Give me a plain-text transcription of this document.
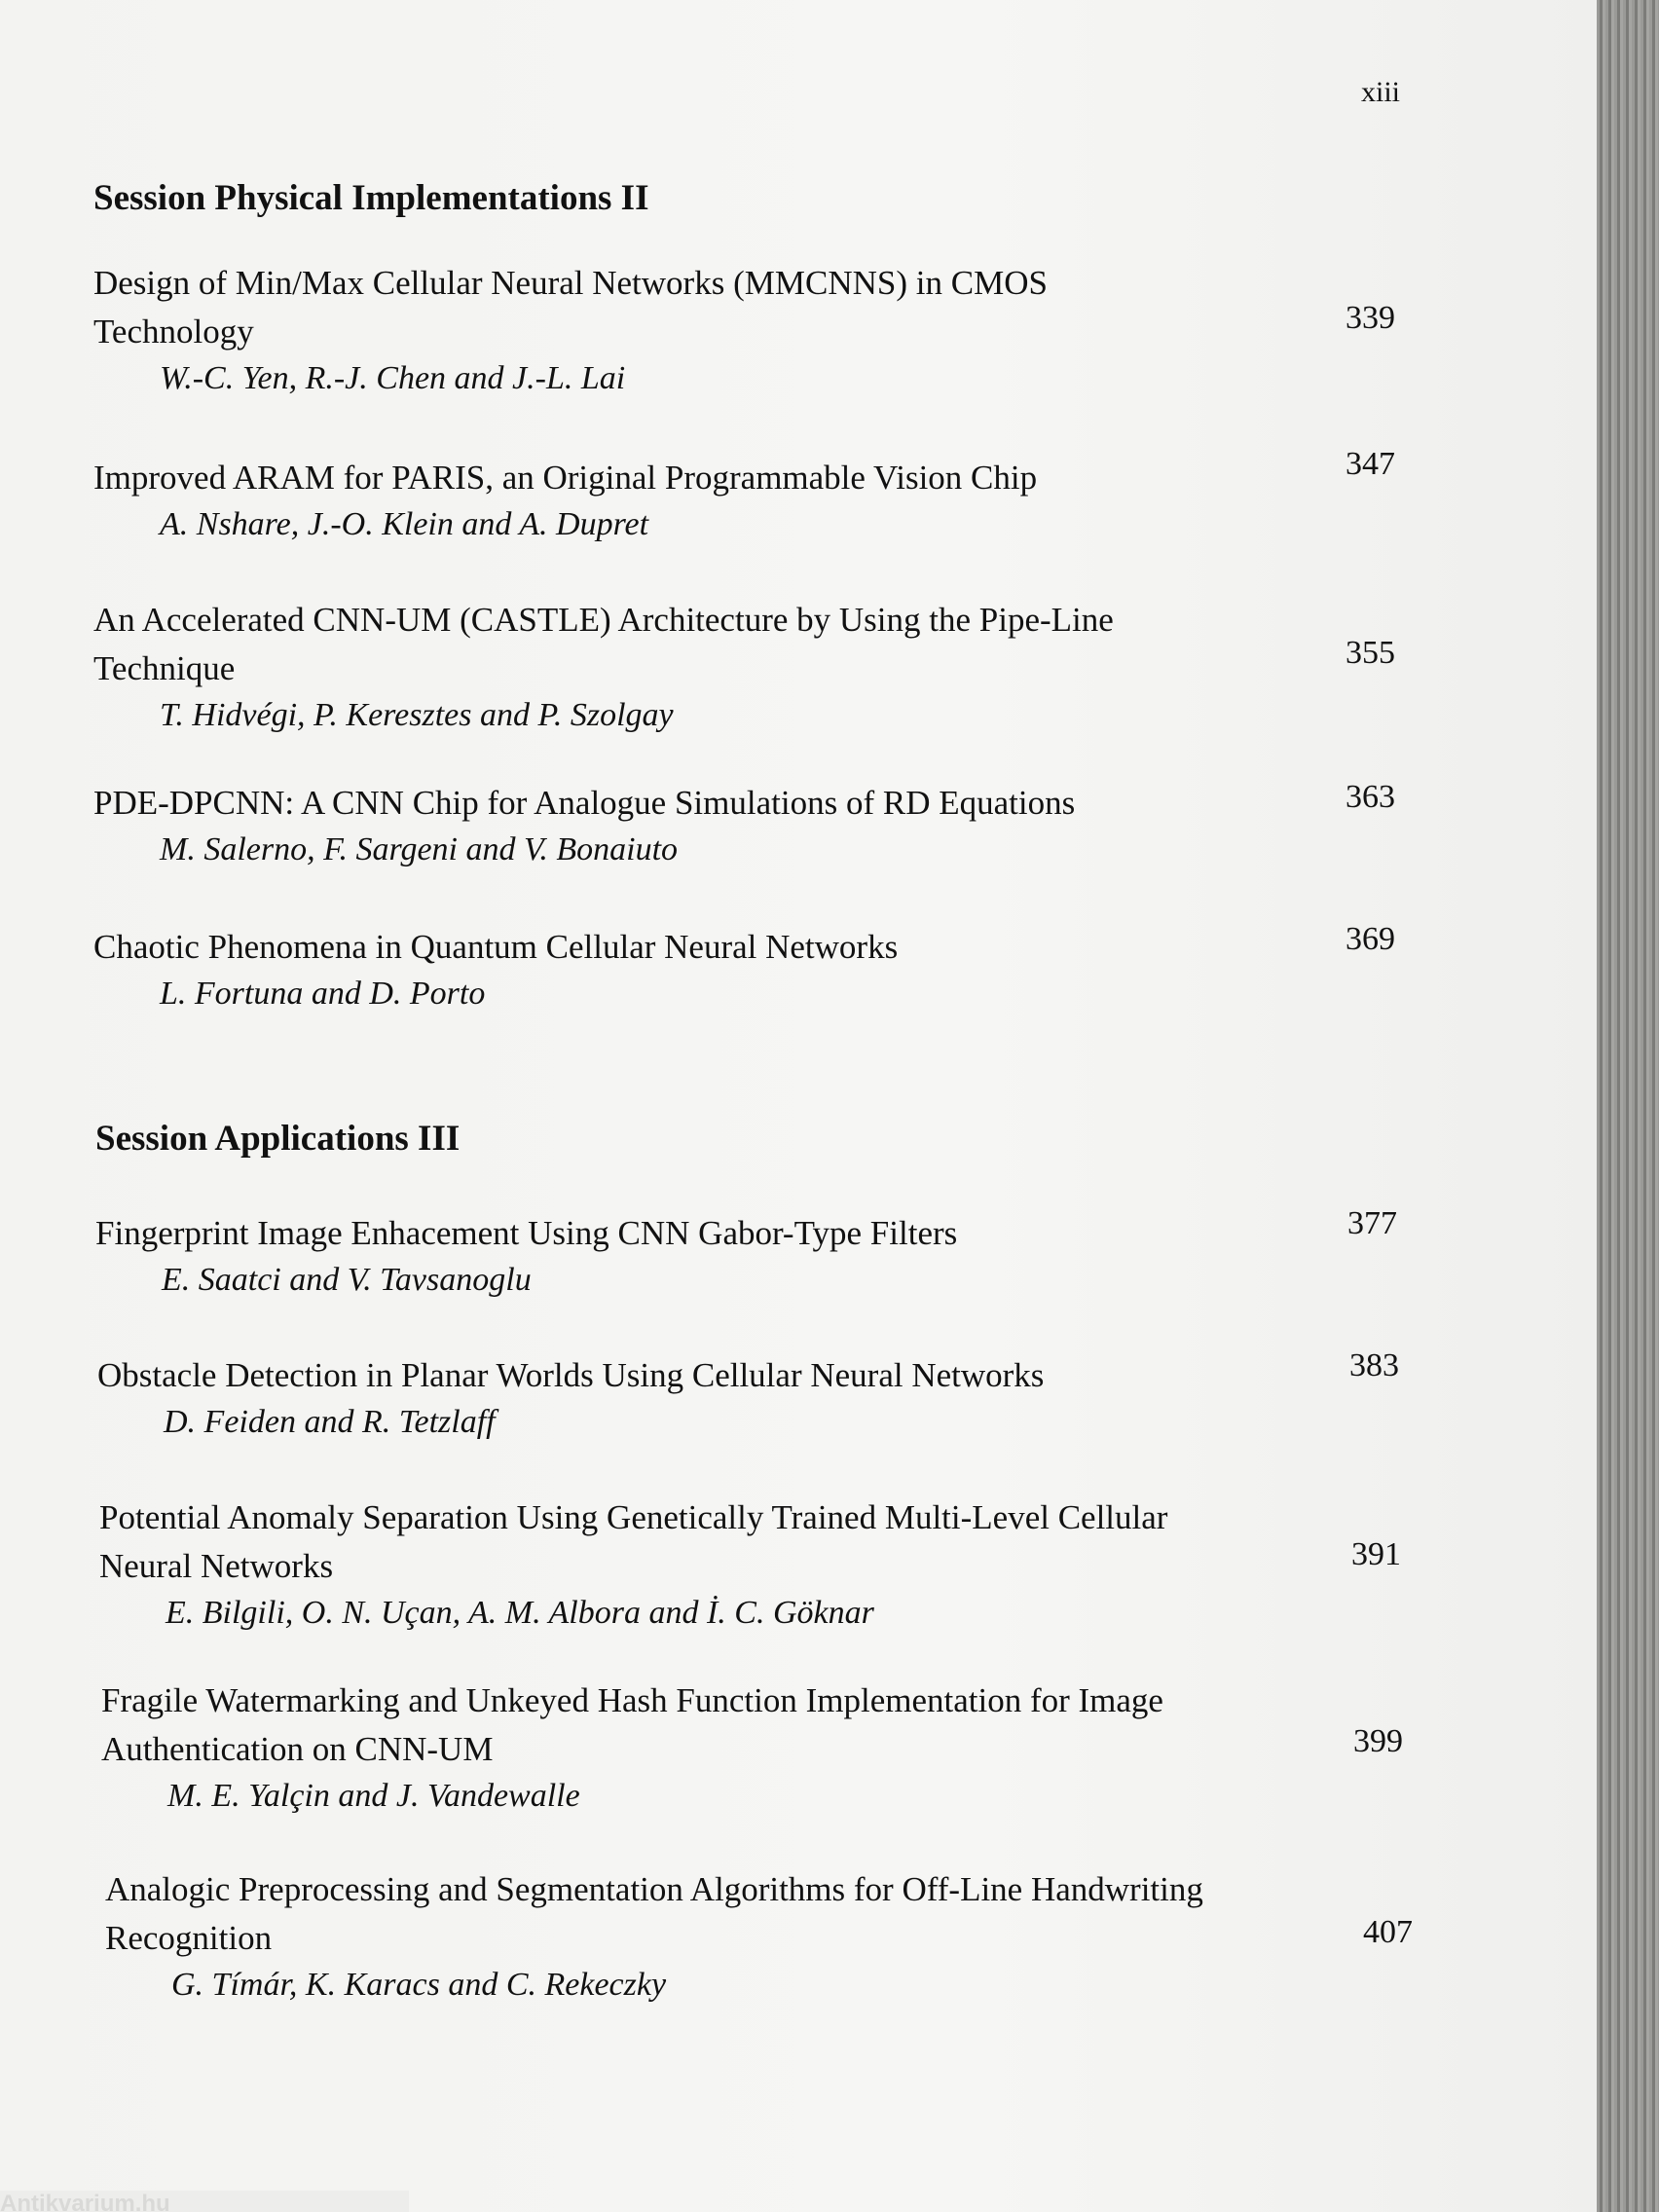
xiii
Session Physical Implementations II
Design of Min/Max Cellular Neural Networks (MMCNNS) in CMOS Technology
W.-C. Yen, R.-J. Chen and J.-L. Lai
339
Improved ARAM for PARIS, an Original Programmable Vision Chip
A. Nshare, J.-O. Klein and A. Dupret
347
An Accelerated CNN-UM (CASTLE) Architecture by Using the Pipe-Line Technique
T. Hidvégi, P. Keresztes and P. Szolgay
355
PDE-DPCNN: A CNN Chip for Analogue Simulations of RD Equations
M. Salerno, F. Sargeni and V. Bonaiuto
363
Chaotic Phenomena in Quantum Cellular Neural Networks
L. Fortuna and D. Porto
369
Session Applications III
Fingerprint Image Enhacement Using CNN Gabor-Type Filters
E. Saatci and V. Tavsanoglu
377
Obstacle Detection in Planar Worlds Using Cellular Neural Networks
D. Feiden and R. Tetzlaff
383
Potential Anomaly Separation Using Genetically Trained Multi-Level Cellular Neural Networks
E. Bilgili, O. N. Uçan, A. M. Albora and İ. C. Göknar
391
Fragile Watermarking and Unkeyed Hash Function Implementation for Image Authentication on CNN-UM
M. E. Yalçin and J. Vandewalle
399
Analogic Preprocessing and Segmentation Algorithms for Off-Line Handwriting Recognition
G. Tímár, K. Karacs and C. Rekeczky
407
Antikvarium.hu
